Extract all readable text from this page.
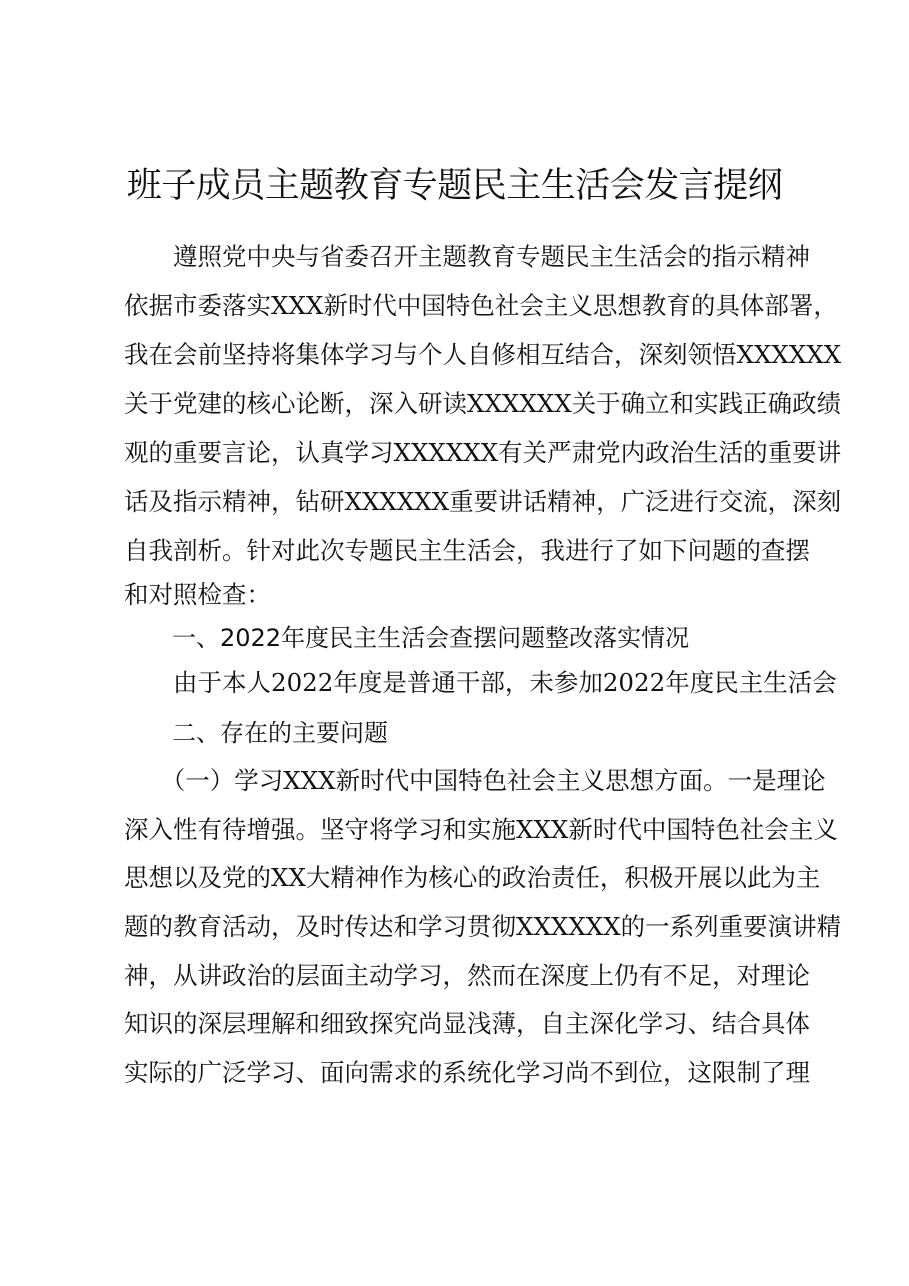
班子成员主题教育专题民主生活会发言提纲

　　遵照党中央与省委召开主题教育专题民主生活会的指示精神

依据市委落实XXX新时代中国特色社会主义思想教育的具体部署，

我在会前坚持将集体学习与个人自修相互结合，深刻领悟XXXXXX

关于党建的核心论断，深入研读XXXXXX关于确立和实践正确政绩

观的重要言论，认真学习XXXXXX有关严肃党内政治生活的重要讲

话及指示精神，钻研XXXXXX重要讲话精神，广泛进行交流，深刻

自我剖析。针对此次专题民主生活会，我进行了如下问题的查摆

和对照检查：

　　一、2022年度民主生活会查摆问题整改落实情况

　　由于本人2022年度是普通干部，未参加2022年度民主生活会

　　二、存在的主要问题

　　（一）学习XXX新时代中国特色社会主义思想方面。一是理论

深入性有待增强。坚守将学习和实施XXX新时代中国特色社会主义

思想以及党的XX大精神作为核心的政治责任，积极开展以此为主

题的教育活动，及时传达和学习贯彻XXXXXX的一系列重要演讲精

神，从讲政治的层面主动学习，然而在深度上仍有不足，对理论

知识的深层理解和细致探究尚显浅薄，自主深化学习、结合具体

实际的广泛学习、面向需求的系统化学习尚不到位，这限制了理
